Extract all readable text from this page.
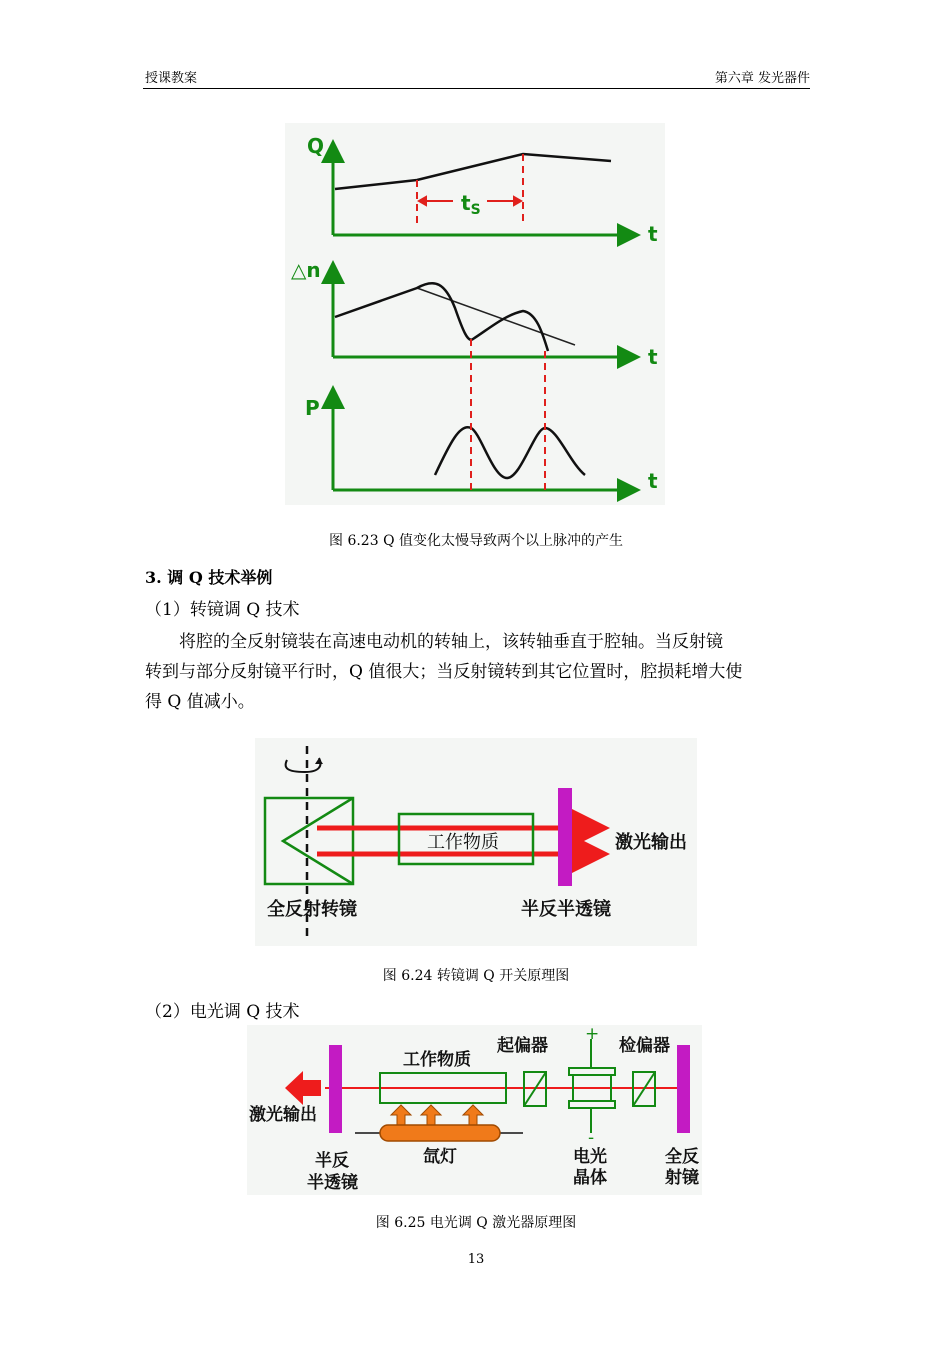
授课教案	第六章 发光器件
Q
t
$t_S$
△n
t
P
t
图 6.23 Q 值变化太慢导致两个以上脉冲的产生
3. 调 Q 技术举例
（1）转镜调 Q 技术
将腔的全反射镜装在高速电动机的转轴上，该转轴垂直于腔轴。当反射镜
转到与部分反射镜平行时，Q 值很大；当反射镜转到其它位置时，腔损耗增大使
得 Q 值减小。
工作物质	激光输出
全反射转镜	半反半透镜
图 6.24 转镜调 Q 开关原理图
（2）电光调 Q 技术
激光输出
工作物质
氙灯
起偏器
+
-
检偏器
半反
半透镜
电光
晶体
全反
射镜
图 6.25 电光调 Q 激光器原理图
13
